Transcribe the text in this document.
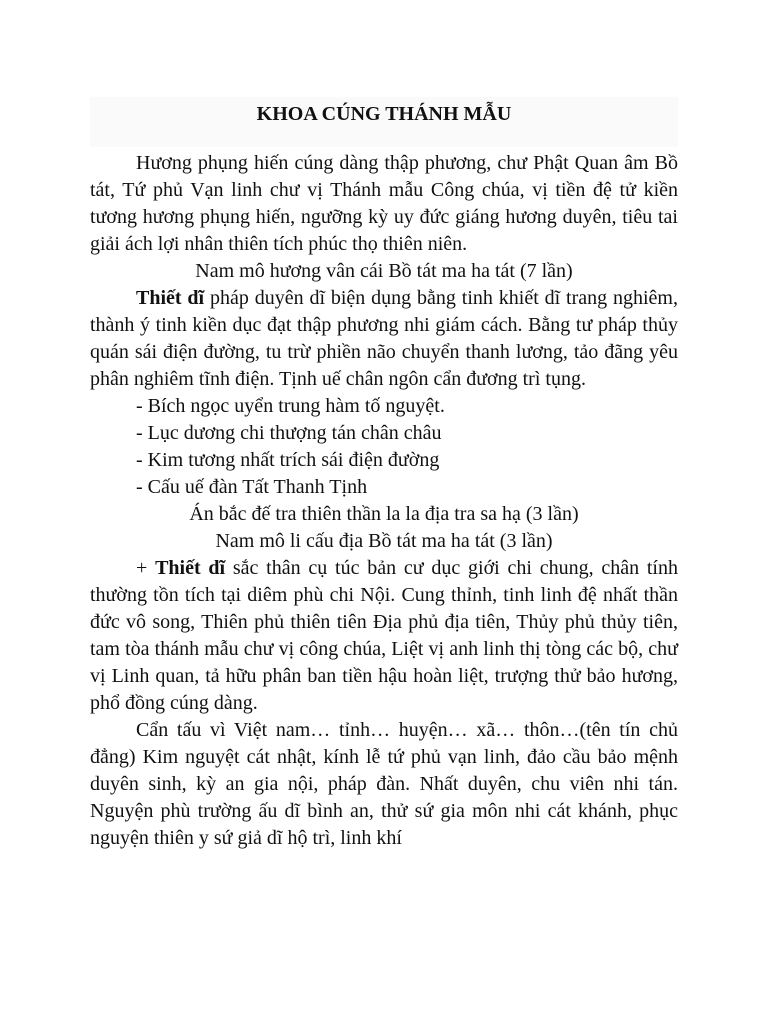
KHOA CÚNG THÁNH MẪU

Hương phụng hiến cúng dàng thập phương, chư Phật Quan âm Bồ tát, Tứ phủ Vạn linh chư vị Thánh mẫu Công chúa, vị tiền đệ tử kiền tương hương phụng hiến, ngưỡng kỳ uy đức giáng hương duyên, tiêu tai giải ách lợi nhân thiên tích phúc thọ thiên niên.

Nam mô hương vân cái Bồ tát ma ha tát (7 lần)

Thiết dĩ pháp duyên dĩ biện dụng bằng tinh khiết dĩ trang nghiêm, thành ý tinh kiền dục đạt thập phương nhi giám cách. Bằng tư pháp thủy quán sái điện đường, tu trừ phiền não chuyển thanh lương, tảo đãng yêu phân nghiêm tĩnh điện. Tịnh uế chân ngôn cẩn đương trì tụng.

- Bích ngọc uyển trung hàm tố nguyệt.

- Lục dương chi thượng tán chân châu

- Kim tương nhất trích sái điện đường

- Cấu uế đàn Tất Thanh Tịnh

Án bắc đế tra thiên thần la la địa tra sa hạ (3 lần)

Nam mô li cấu địa Bồ tát ma ha tát (3 lần)

+ Thiết dĩ sắc thân cụ túc bản cư dục giới chi chung, chân tính thường tồn tích tại diêm phù chi Nội. Cung thỉnh, tinh linh đệ nhất thần đức vô song, Thiên phủ thiên tiên Địa phủ địa tiên, Thủy phủ thủy tiên, tam tòa thánh mẫu chư vị công chúa, Liệt vị anh linh thị tòng các bộ, chư vị Linh quan, tả hữu phân ban tiền hậu hoàn liệt, trượng thử bảo hương, phổ đồng cúng dàng.

Cẩn tấu vì Việt nam… tỉnh… huyện… xã… thôn…(tên tín chủ đẳng) Kim nguyệt cát nhật, kính lễ tứ phủ vạn linh, đảo cầu bảo mệnh duyên sinh, kỳ an gia nội, pháp đàn. Nhất duyên, chu viên nhi tán. Nguyện phù trường ấu dĩ bình an, thử sứ gia môn nhi cát khánh, phục nguyện thiên y sứ giả dĩ hộ trì, linh khí
